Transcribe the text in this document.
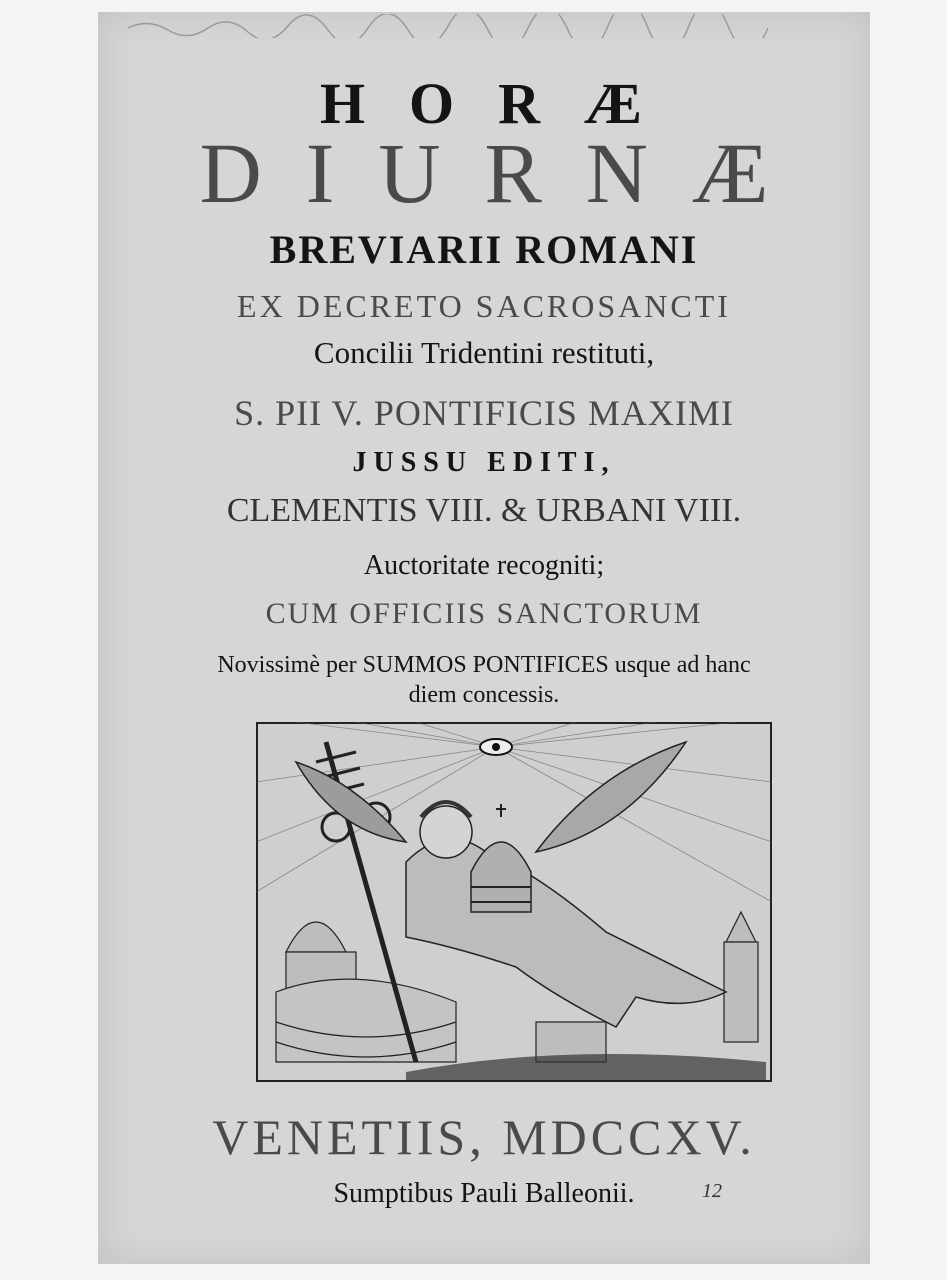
HORÆ

DIURNÆ

BREVIARII ROMANI

EX DECRETO SACROSANCTI

Concilii Tridentini restituti,

S. PII V. PONTIFICIS MAXIMI

JUSSU EDITI,

CLEMENTIS VIII. & URBANI VIII.

Auctoritate recogniti;

CUM OFFICIIS SANCTORUM

Novissimè per SUMMOS PONTIFICES usque ad hanc

diem concessis.

VENETIIS, MDCCXV.

Sumptibus Pauli Balleonii.	12
